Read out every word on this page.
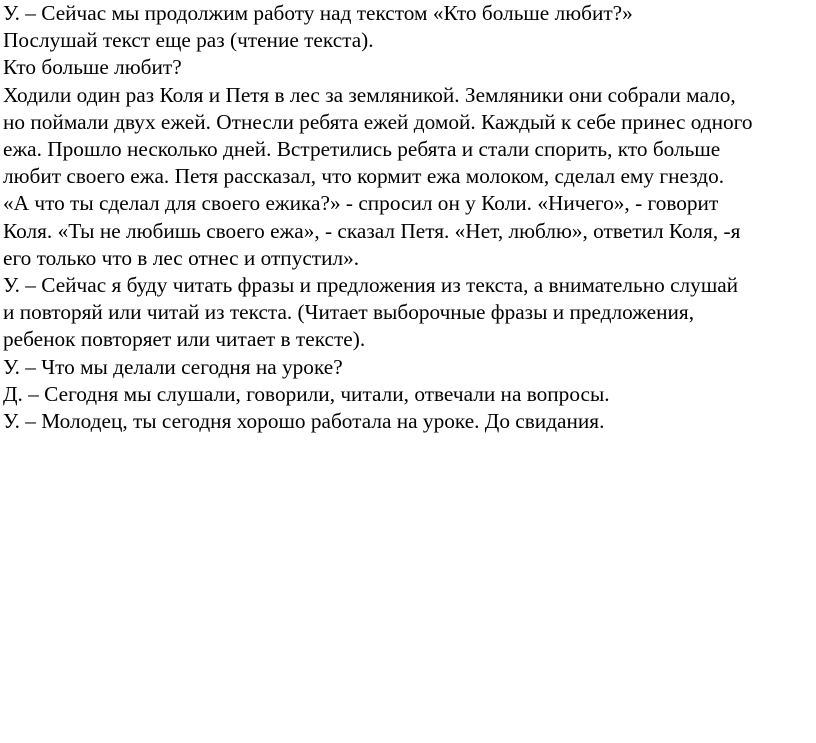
У. – Сейчас мы продолжим работу над текстом «Кто больше любит?»
Послушай текст еще раз (чтение текста).
Кто больше любит?
Ходили один раз Коля и Петя в лес за земляникой. Земляники они собрали мало,
но поймали двух ежей. Отнесли ребята ежей домой. Каждый к себе принес одного
ежа. Прошло несколько дней. Встретились ребята и стали спорить, кто больше
любит своего ежа. Петя рассказал, что кормит ежа молоком, сделал ему гнездо.
«А что ты сделал для своего ежика?» - спросил он у Коли. «Ничего», - говорит
Коля. «Ты не любишь своего ежа», - сказал Петя. «Нет, люблю», ответил Коля, -я
его только что в лес отнес и отпустил».
У. – Сейчас я буду читать фразы и предложения из текста, а внимательно слушай
и повторяй или читай из текста. (Читает выборочные фразы и предложения,
ребенок повторяет или читает в тексте).
У. – Что мы делали сегодня на уроке?
Д. – Сегодня мы слушали, говорили, читали, отвечали на вопросы.
У. – Молодец, ты сегодня хорошо работала на уроке. До свидания.
